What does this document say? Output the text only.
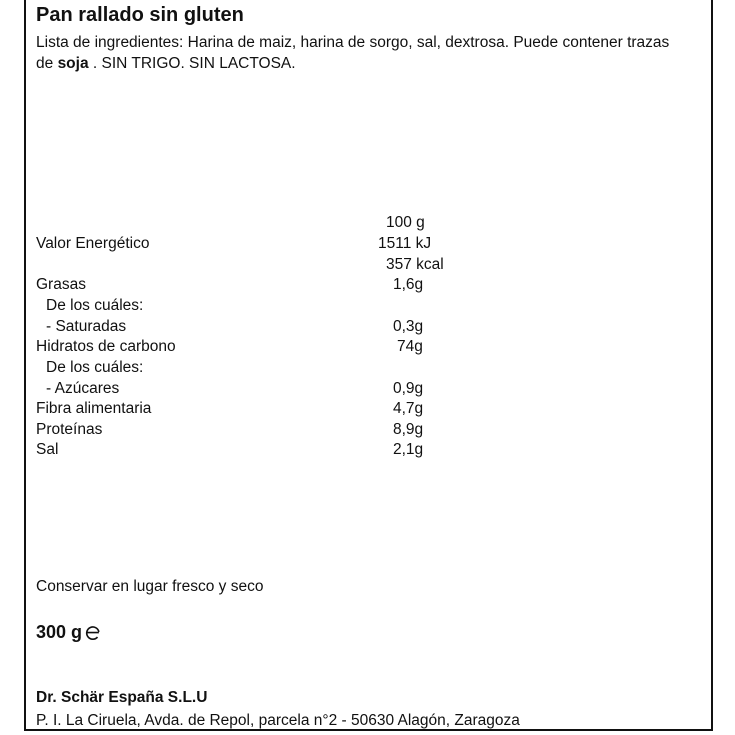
Pan rallado sin gluten
Lista de ingredientes: Harina de maiz, harina de sorgo, sal, dextrosa. Puede contener trazas de soja . SIN TRIGO. SIN LACTOSA.
100 g
Valor Energético	1511 kJ
357 kcal
Grasas	1,6g
De los cuáles:
- Saturadas	0,3g
Hidratos de carbono	74g
De los cuáles:
- Azúcares	0,9g
Fibra alimentaria	4,7g
Proteínas	8,9g
Sal	2,1g
Conservar en lugar fresco y seco
300 g
Dr. Schär España S.L.U
P. I. La Ciruela, Avda. de Repol, parcela n°2 - 50630 Alagón, Zaragoza
